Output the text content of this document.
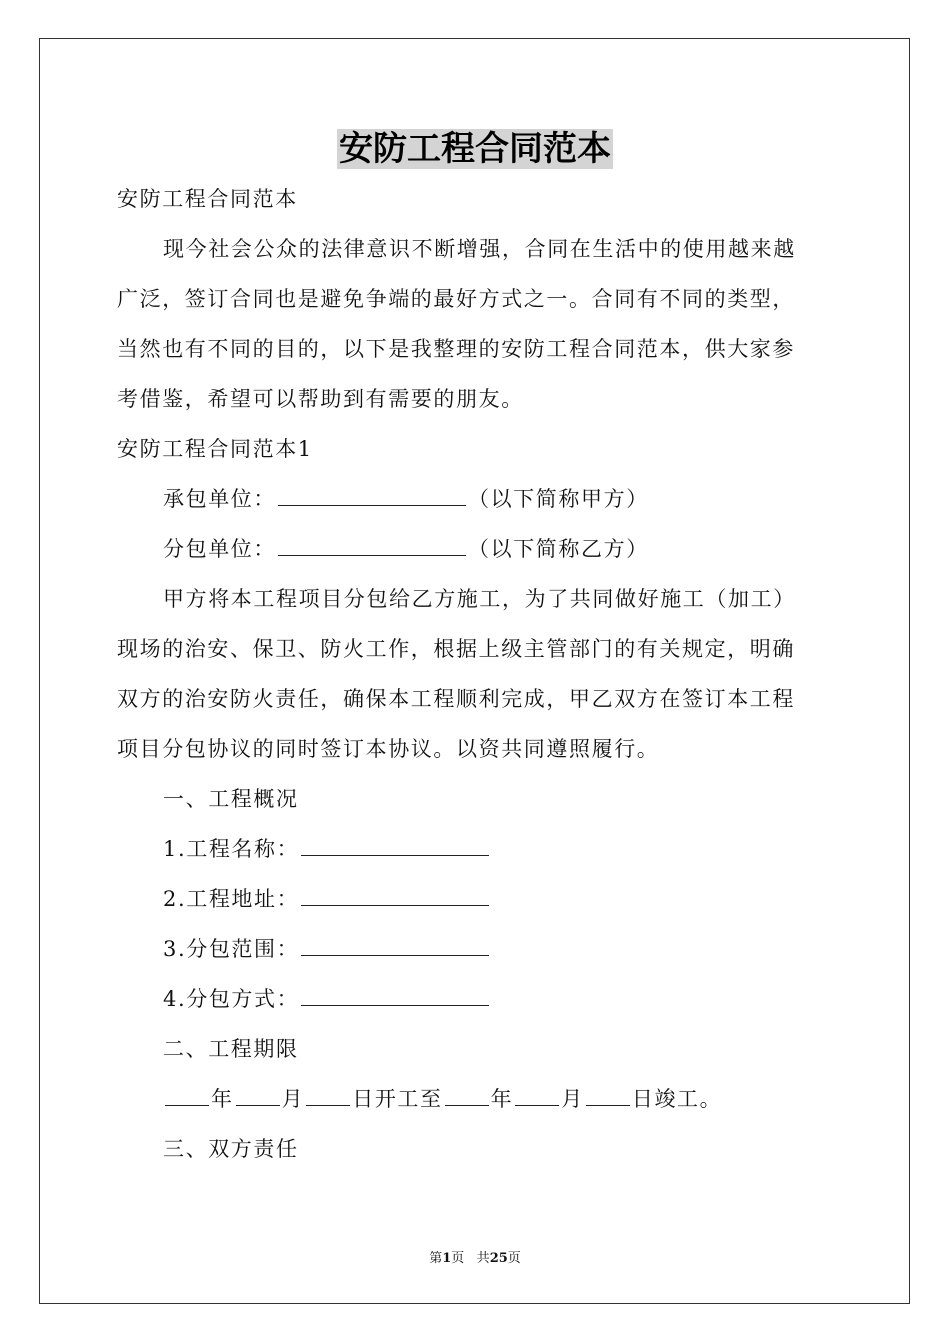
安防工程合同范本
安防工程合同范本
现今社会公众的法律意识不断增强，合同在生活中的使用越来越
广泛，签订合同也是避免争端的最好方式之一。合同有不同的类型，
当然也有不同的目的，以下是我整理的安防工程合同范本，供大家参
考借鉴，希望可以帮助到有需要的朋友。
安防工程合同范本1
承包单位：	（以下简称甲方）
分包单位：	（以下简称乙方）
甲方将本工程项目分包给乙方施工，为了共同做好施工（加工）
现场的治安、保卫、防火工作，根据上级主管部门的有关规定，明确
双方的治安防火责任，确保本工程顺利完成，甲乙双方在签订本工程
项目分包协议的同时签订本协议。以资共同遵照履行。
一、工程概况
1.工程名称：
2.工程地址：
3.分包范围：
4.分包方式：
二、工程期限
年 月 日开工至 年 月 日竣工。
三、双方责任
第1页 共25页
